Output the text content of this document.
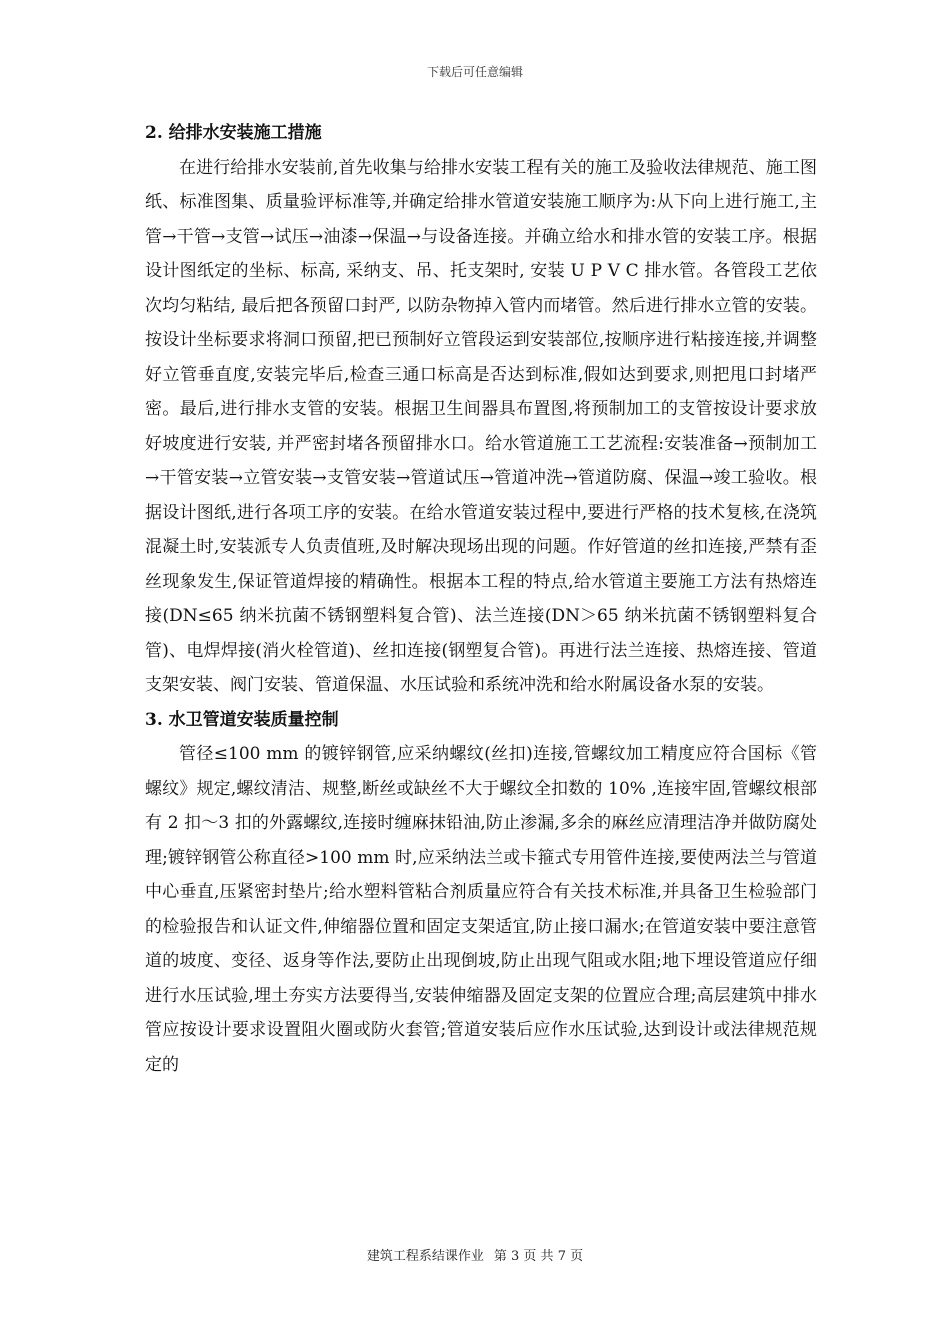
下载后可任意编辑

2. 给排水安装施工措施

在进行给排水安装前,首先收集与给排水安装工程有关的施工及验收法律规范、施工图纸、标准图集、质量验评标准等,并确定给排水管道安装施工顺序为:从下向上进行施工,主管→干管→支管→试压→油漆→保温→与设备连接。并确立给水和排水管的安装工序。根据设计图纸定的坐标、标高, 采纳支、吊、托支架时, 安装 U P V C 排水管。各管段工艺依次均匀粘结, 最后把各预留口封严, 以防杂物掉入管内而堵管。然后进行排水立管的安装。按设计坐标要求将洞口预留,把已预制好立管段运到安装部位,按顺序进行粘接连接,并调整好立管垂直度,安装完毕后,检查三通口标高是否达到标准,假如达到要求,则把甩口封堵严密。最后,进行排水支管的安装。根据卫生间器具布置图,将预制加工的支管按设计要求放好坡度进行安装, 并严密封堵各预留排水口。给水管道施工工艺流程:安装准备→预制加工→干管安装→立管安装→支管安装→管道试压→管道冲洗→管道防腐、保温→竣工验收。根据设计图纸,进行各项工序的安装。在给水管道安装过程中,要进行严格的技术复核,在浇筑混凝土时,安装派专人负责值班,及时解决现场出现的问题。作好管道的丝扣连接,严禁有歪丝现象发生,保证管道焊接的精确性。根据本工程的特点,给水管道主要施工方法有热熔连接(DN≤65 纳米抗菌不锈钢塑料复合管)、法兰连接(DN＞65 纳米抗菌不锈钢塑料复合管)、电焊焊接(消火栓管道)、丝扣连接(钢塑复合管)。再进行法兰连接、热熔连接、管道支架安装、阀门安装、管道保温、水压试验和系统冲洗和给水附属设备水泵的安装。

3. 水卫管道安装质量控制

管径≤100 mm 的镀锌钢管,应采纳螺纹(丝扣)连接,管螺纹加工精度应符合国标《管螺纹》规定,螺纹清洁、规整,断丝或缺丝不大于螺纹全扣数的 10% ,连接牢固,管螺纹根部有 2 扣～3 扣的外露螺纹,连接时缠麻抹铅油,防止渗漏,多余的麻丝应清理洁净并做防腐处理;镀锌钢管公称直径>100 mm 时,应采纳法兰或卡箍式专用管件连接,要使两法兰与管道中心垂直,压紧密封垫片;给水塑料管粘合剂质量应符合有关技术标准,并具备卫生检验部门的检验报告和认证文件,伸缩器位置和固定支架适宜,防止接口漏水;在管道安装中要注意管道的坡度、变径、返身等作法,要防止出现倒坡,防止出现气阻或水阻;地下埋设管道应仔细进行水压试验,埋土夯实方法要得当,安装伸缩器及固定支架的位置应合理;高层建筑中排水管应按设计要求设置阻火圈或防火套管;管道安装后应作水压试验,达到设计或法律规范规定的

建筑工程系结课作业 第 3 页 共 7 页
